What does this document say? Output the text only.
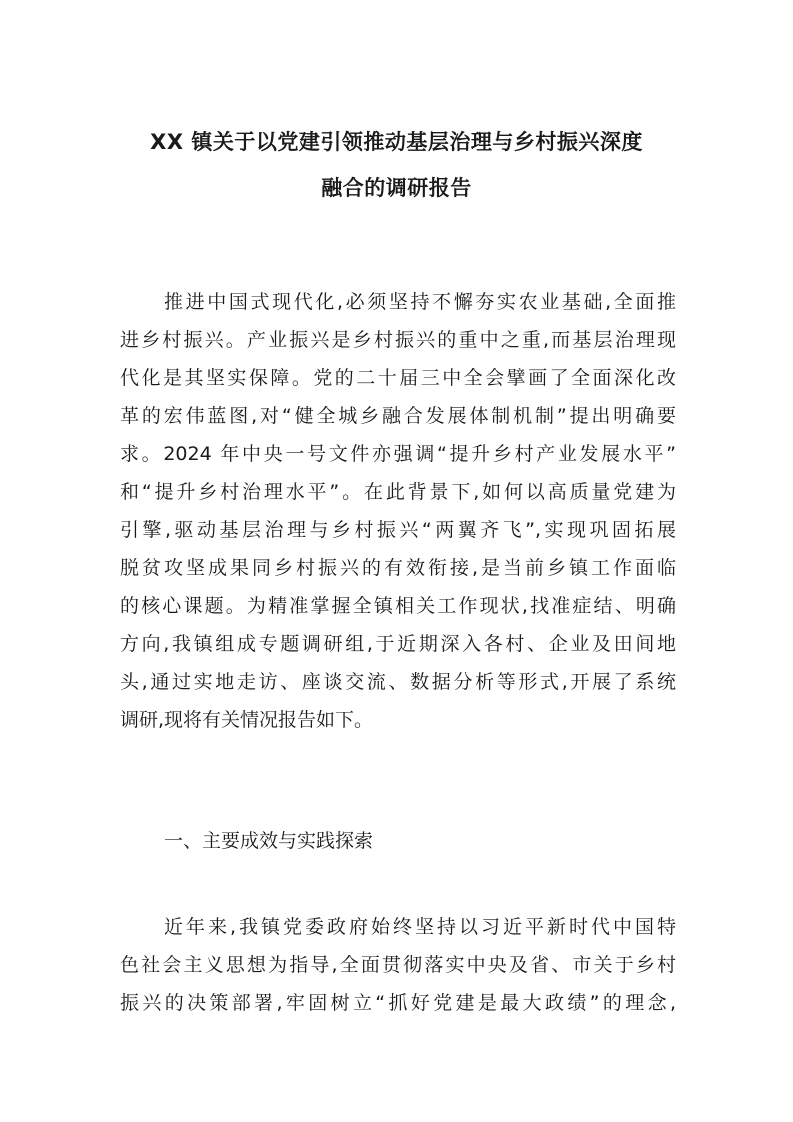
XX 镇关于以党建引领推动基层治理与乡村振兴深度
融合的调研报告
推进中国式现代化,必须坚持不懈夯实农业基础,全面推
进乡村振兴。产业振兴是乡村振兴的重中之重,而基层治理现
代化是其坚实保障。党的二十届三中全会擘画了全面深化改
革的宏伟蓝图,对“健全城乡融合发展体制机制”提出明确要
求。2024 年中央一号文件亦强调“提升乡村产业发展水平”
和“提升乡村治理水平”。在此背景下,如何以高质量党建为
引擎,驱动基层治理与乡村振兴“两翼齐飞”,实现巩固拓展
脱贫攻坚成果同乡村振兴的有效衔接,是当前乡镇工作面临
的核心课题。为精准掌握全镇相关工作现状,找准症结、明确
方向,我镇组成专题调研组,于近期深入各村、企业及田间地
头,通过实地走访、座谈交流、数据分析等形式,开展了系统
调研,现将有关情况报告如下。
一、主要成效与实践探索
近年来,我镇党委政府始终坚持以习近平新时代中国特
色社会主义思想为指导,全面贯彻落实中央及省、市关于乡村
振兴的决策部署,牢固树立“抓好党建是最大政绩”的理念,
